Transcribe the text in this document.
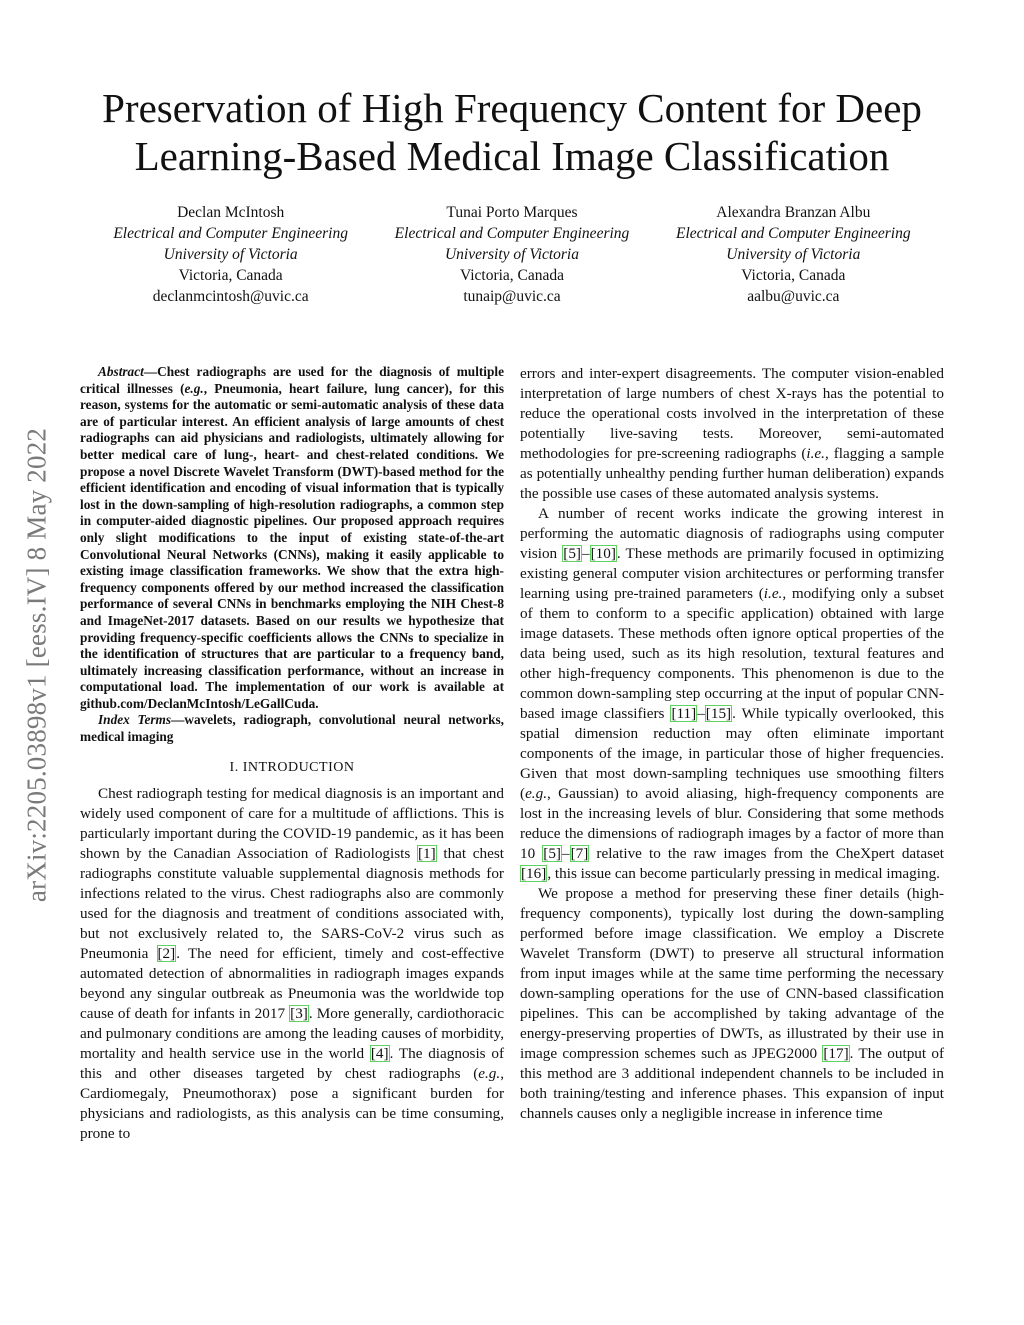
arXiv:2205.03898v1 [eess.IV] 8 May 2022
Preservation of High Frequency Content for Deep Learning-Based Medical Image Classification
Declan McIntosh
Electrical and Computer Engineering
University of Victoria
Victoria, Canada
declanmcintosh@uvic.ca
Tunai Porto Marques
Electrical and Computer Engineering
University of Victoria
Victoria, Canada
tunaip@uvic.ca
Alexandra Branzan Albu
Electrical and Computer Engineering
University of Victoria
Victoria, Canada
aalbu@uvic.ca

Abstract—Chest radiographs are used for the diagnosis of multiple critical illnesses (e.g., Pneumonia, heart failure, lung cancer), for this reason, systems for the automatic or semi-automatic analysis of these data are of particular interest. An efficient analysis of large amounts of chest radiographs can aid physicians and radiologists, ultimately allowing for better medical care of lung-, heart- and chest-related conditions. We propose a novel Discrete Wavelet Transform (DWT)-based method for the efficient identification and encoding of visual information that is typically lost in the down-sampling of high-resolution radiographs, a common step in computer-aided diagnostic pipelines. Our proposed approach requires only slight modifications to the input of existing state-of-the-art Convolutional Neural Networks (CNNs), making it easily applicable to existing image classification frameworks. We show that the extra high-frequency components offered by our method increased the classification performance of several CNNs in benchmarks employing the NIH Chest-8 and ImageNet-2017 datasets. Based on our results we hypothesize that providing frequency-specific coefficients allows the CNNs to specialize in the identification of structures that are particular to a frequency band, ultimately increasing classification performance, without an increase in computational load. The implementation of our work is available at github.com/DeclanMcIntosh/LeGallCuda.

Index Terms—wavelets, radiograph, convolutional neural networks, medical imaging

I. INTRODUCTION

Chest radiograph testing for medical diagnosis is an important and widely used component of care for a multitude of afflictions. This is particularly important during the COVID-19 pandemic, as it has been shown by the Canadian Association of Radiologists [1] that chest radiographs constitute valuable supplemental diagnosis methods for infections related to the virus. Chest radiographs also are commonly used for the diagnosis and treatment of conditions associated with, but not exclusively related to, the SARS-CoV-2 virus such as Pneumonia [2]. The need for efficient, timely and cost-effective automated detection of abnormalities in radiograph images expands beyond any singular outbreak as Pneumonia was the worldwide top cause of death for infants in 2017 [3]. More generally, cardiothoracic and pulmonary conditions are among the leading causes of morbidity, mortality and health service use in the world [4]. The diagnosis of this and other diseases targeted by chest radiographs (e.g., Cardiomegaly, Pneumothorax) pose a significant burden for physicians and radiologists, as this analysis can be time consuming, prone to

errors and inter-expert disagreements. The computer vision-enabled interpretation of large numbers of chest X-rays has the potential to reduce the operational costs involved in the interpretation of these potentially live-saving tests. Moreover, semi-automated methodologies for pre-screening radiographs (i.e., flagging a sample as potentially unhealthy pending further human deliberation) expands the possible use cases of these automated analysis systems.

A number of recent works indicate the growing interest in performing the automatic diagnosis of radiographs using computer vision [5]–[10]. These methods are primarily focused in optimizing existing general computer vision architectures or performing transfer learning using pre-trained parameters (i.e., modifying only a subset of them to conform to a specific application) obtained with large image datasets. These methods often ignore optical properties of the data being used, such as its high resolution, textural features and other high-frequency components. This phenomenon is due to the common down-sampling step occurring at the input of popular CNN-based image classifiers [11]–[15]. While typically overlooked, this spatial dimension reduction may often eliminate important components of the image, in particular those of higher frequencies. Given that most down-sampling techniques use smoothing filters (e.g., Gaussian) to avoid aliasing, high-frequency components are lost in the increasing levels of blur. Considering that some methods reduce the dimensions of radiograph images by a factor of more than 10 [5]–[7] relative to the raw images from the CheXpert dataset [16], this issue can become particularly pressing in medical imaging.

We propose a method for preserving these finer details (high-frequency components), typically lost during the down-sampling performed before image classification. We employ a Discrete Wavelet Transform (DWT) to preserve all structural information from input images while at the same time performing the necessary down-sampling operations for the use of CNN-based classification pipelines. This can be accomplished by taking advantage of the energy-preserving properties of DWTs, as illustrated by their use in image compression schemes such as JPEG2000 [17]. The output of this method are 3 additional independent channels to be included in both training/testing and inference phases. This expansion of input channels causes only a negligible increase in inference time
